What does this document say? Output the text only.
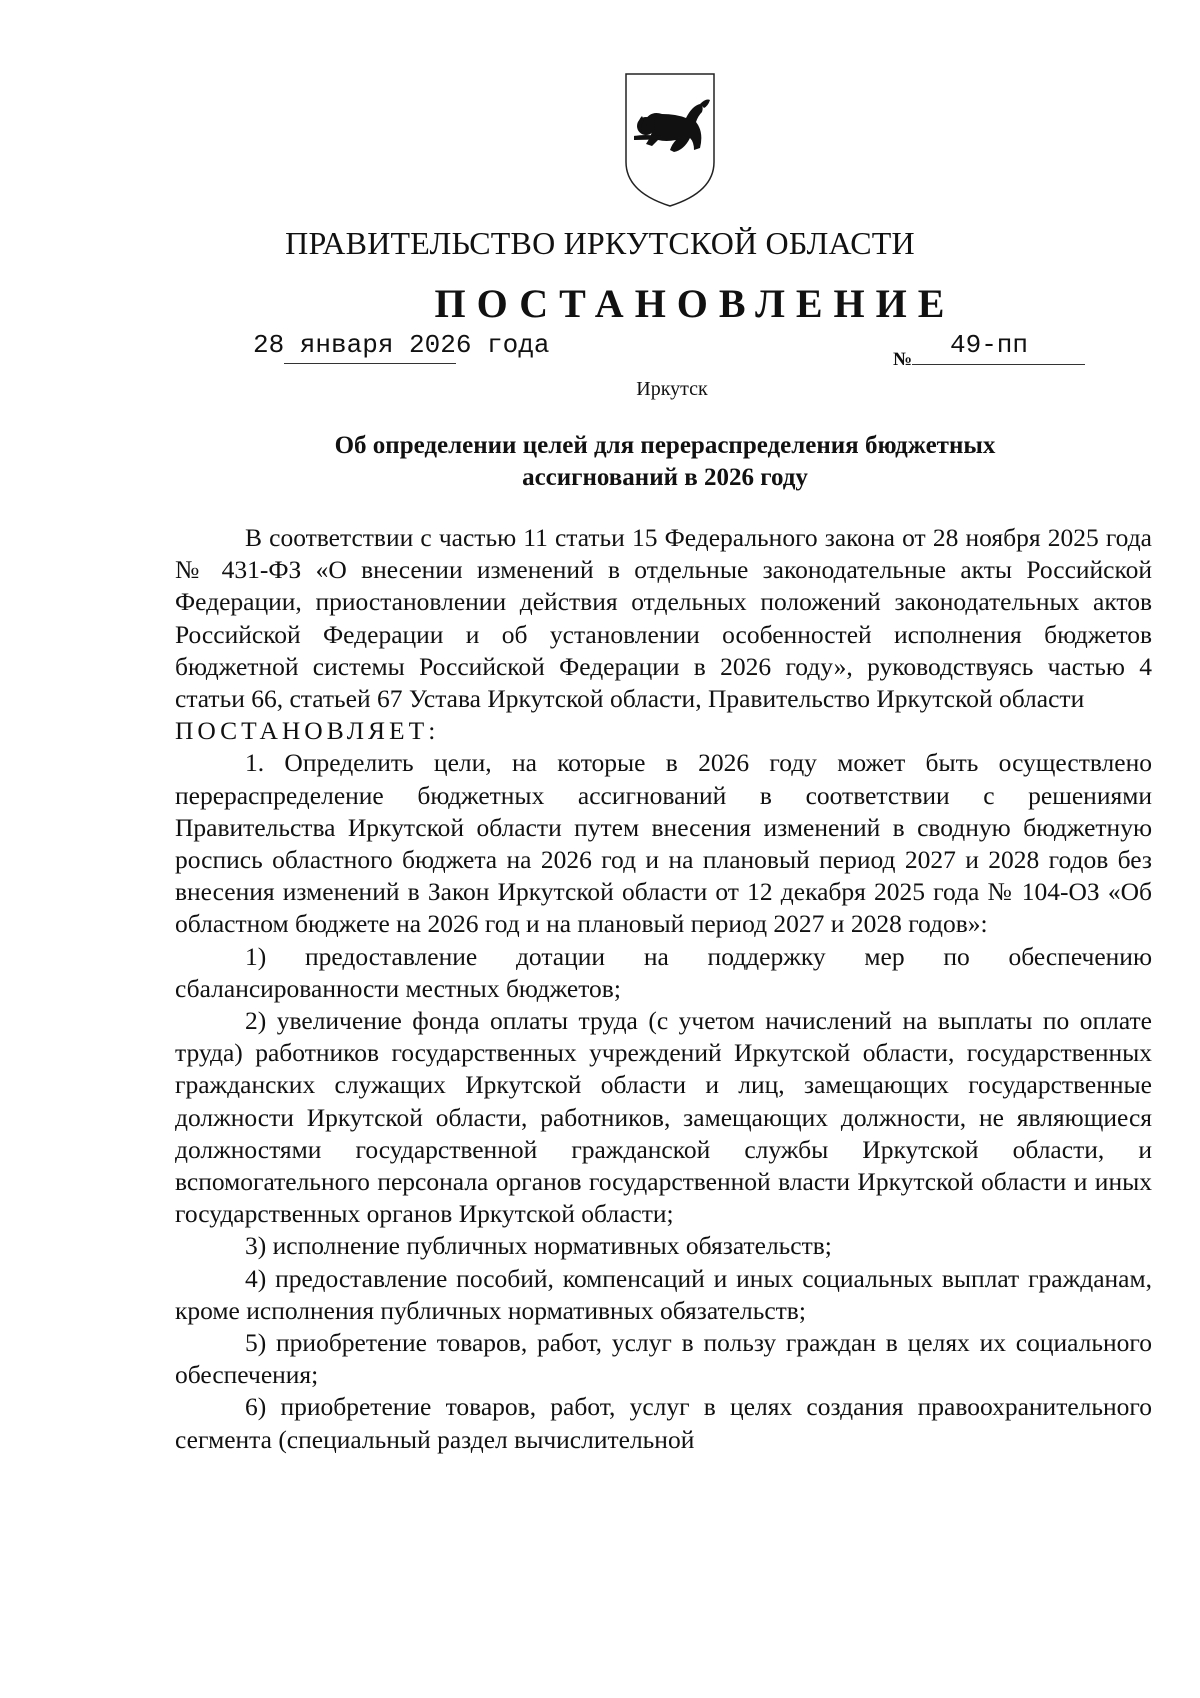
ПРАВИТЕЛЬСТВО ИРКУТСКОЙ ОБЛАСТИ
ПОСТАНОВЛЕНИЕ
28 января 2026 года	№ 49-пп
Иркутск
Об определении целей для перераспределения бюджетных
ассигнований в 2026 году

В соответствии с частью 11 статьи 15 Федерального закона от 28 ноября 2025 года № 431-ФЗ «О внесении изменений в отдельные законодательные акты Российской Федерации, приостановлении действия отдельных положений законодательных актов Российской Федерации и об установлении особенностей исполнения бюджетов бюджетной системы Российской Федерации в 2026 году», руководствуясь частью 4 статьи 66, статьей 67 Устава Иркутской области, Правительство Иркутской области

ПОСТАНОВЛЯЕТ:

1. Определить цели, на которые в 2026 году может быть осуществлено перераспределение бюджетных ассигнований в соответствии с решениями Правительства Иркутской области путем внесения изменений в сводную бюджетную роспись областного бюджета на 2026 год и на плановый период 2027 и 2028 годов без внесения изменений в Закон Иркутской области от 12 декабря 2025 года № 104-ОЗ «Об областном бюджете на 2026 год и на плановый период 2027 и 2028 годов»:

1) предоставление дотации на поддержку мер по обеспечению сбалансированности местных бюджетов;

2) увеличение фонда оплаты труда (с учетом начислений на выплаты по оплате труда) работников государственных учреждений Иркутской области, государственных гражданских служащих Иркутской области и лиц, замещающих государственные должности Иркутской области, работников, замещающих должности, не являющиеся должностями государственной гражданской службы Иркутской области, и вспомогательного персонала органов государственной власти Иркутской области и иных государственных органов Иркутской области;

3) исполнение публичных нормативных обязательств;

4) предоставление пособий, компенсаций и иных социальных выплат гражданам, кроме исполнения публичных нормативных обязательств;

5) приобретение товаров, работ, услуг в пользу граждан в целях их социального обеспечения;

6) приобретение товаров, работ, услуг в целях создания правоохранительного сегмента (специальный раздел вычислительной
